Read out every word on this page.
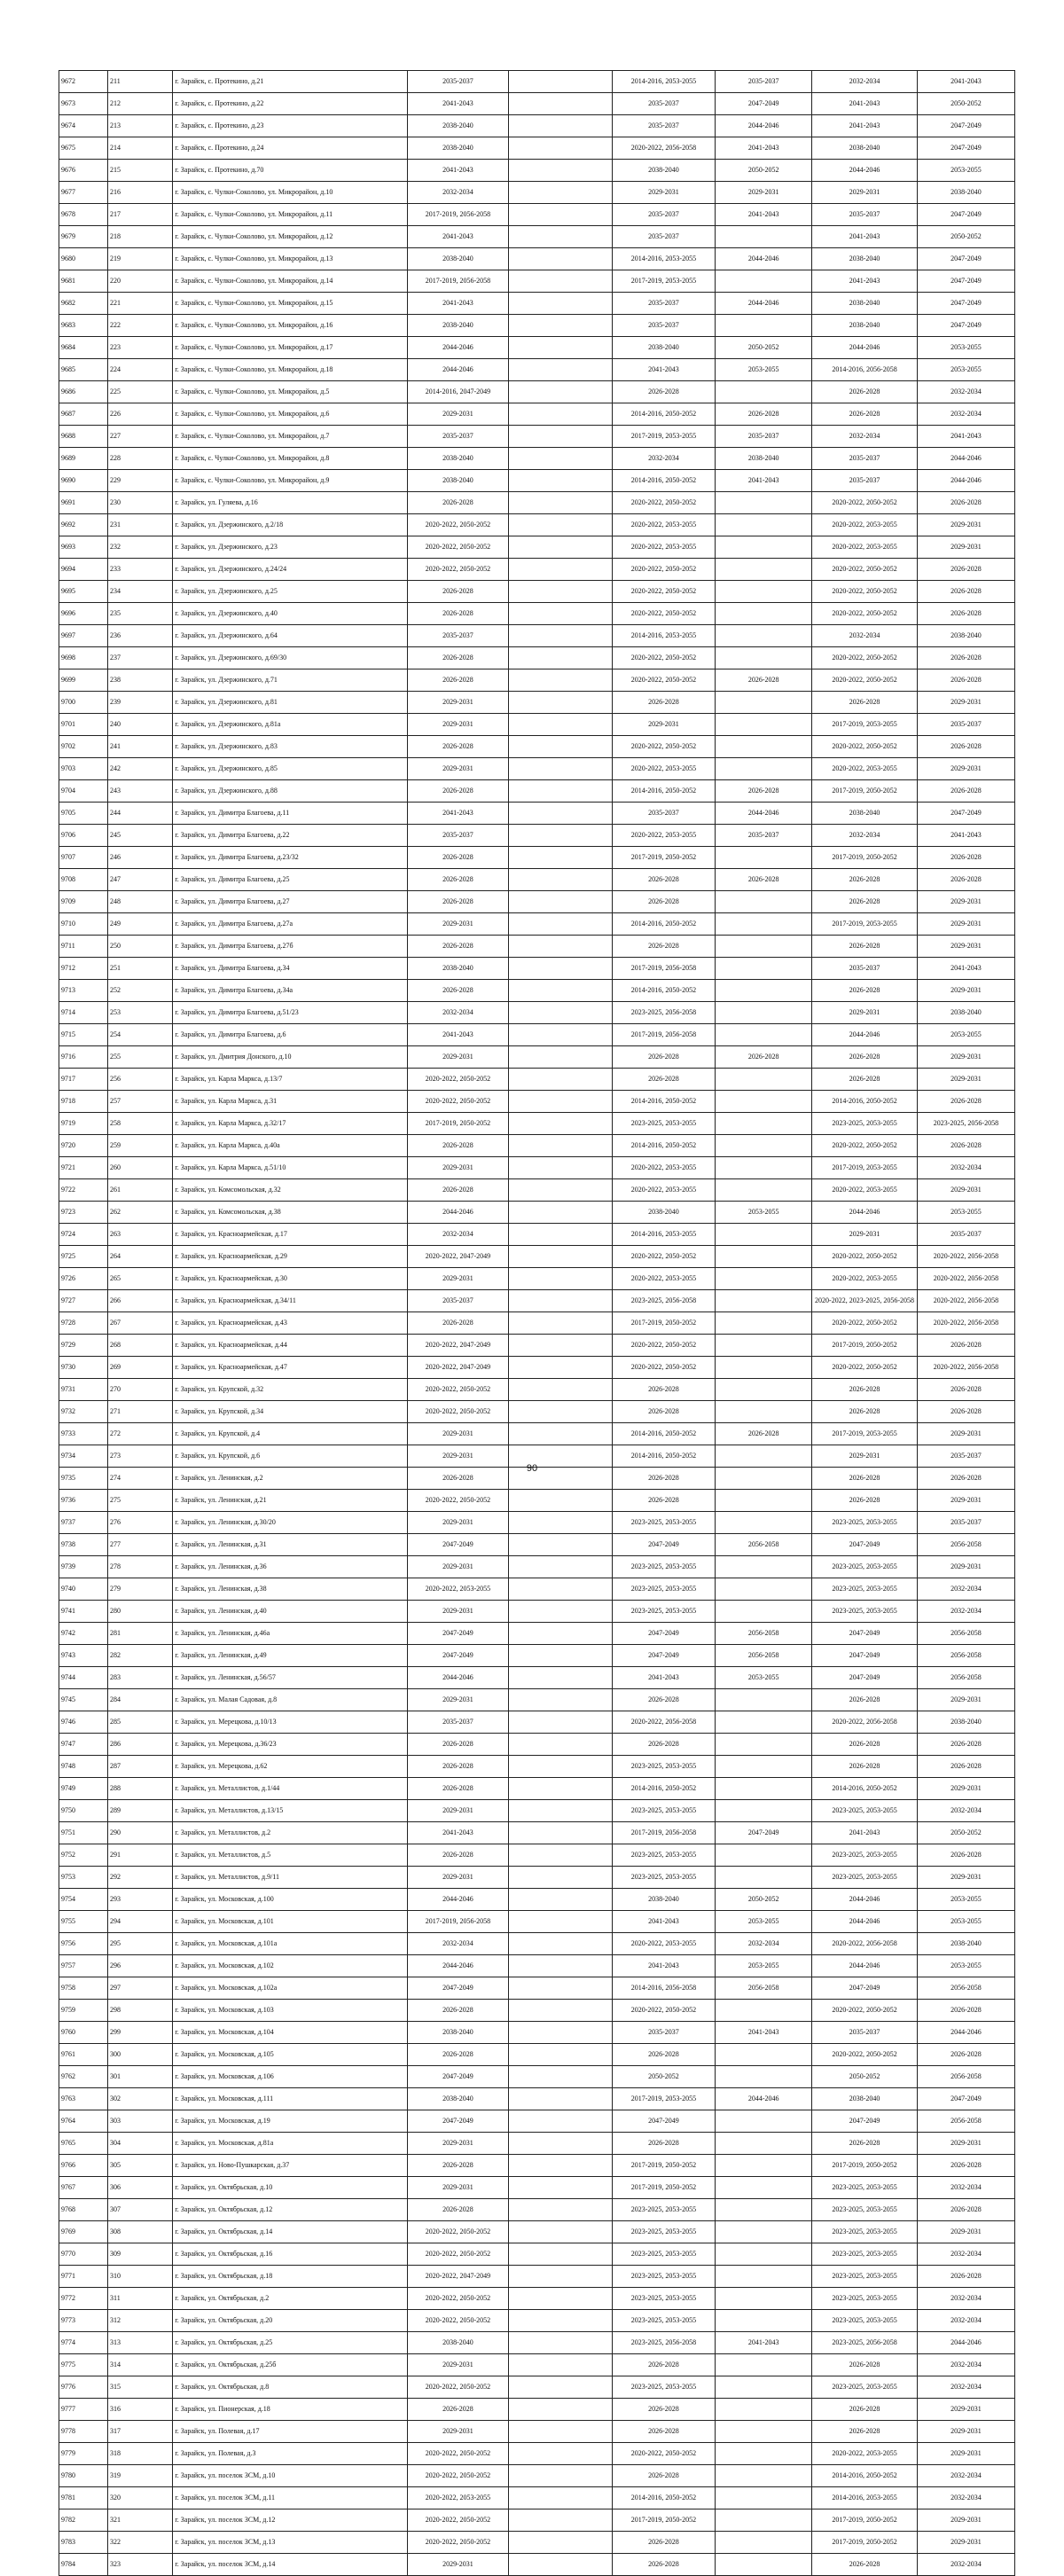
9672	211	г. Зарайск, с. Протекино, д.21	2035-2037		2014-2016, 2053-2055	2035-2037	2032-2034	2041-2043
9673	212	г. Зарайск, с. Протекино, д.22	2041-2043		2035-2037	2047-2049	2041-2043	2050-2052
9674	213	г. Зарайск, с. Протекино, д.23	2038-2040		2035-2037	2044-2046	2041-2043	2047-2049
9675	214	г. Зарайск, с. Протекино, д.24	2038-2040		2020-2022, 2056-2058	2041-2043	2038-2040	2047-2049
9676	215	г. Зарайск, с. Протекино, д.70	2041-2043		2038-2040	2050-2052	2044-2046	2053-2055
9677	216	г. Зарайск, с. Чулки-Соколово, ул. Микрорайон, д.10	2032-2034		2029-2031	2029-2031	2029-2031	2038-2040
9678	217	г. Зарайск, с. Чулки-Соколово, ул. Микрорайон, д.11	2017-2019, 2056-2058		2035-2037	2041-2043	2035-2037	2047-2049
9679	218	г. Зарайск, с. Чулки-Соколово, ул. Микрорайон, д.12	2041-2043		2035-2037		2041-2043	2050-2052
9680	219	г. Зарайск, с. Чулки-Соколово, ул. Микрорайон, д.13	2038-2040		2014-2016, 2053-2055	2044-2046	2038-2040	2047-2049
9681	220	г. Зарайск, с. Чулки-Соколово, ул. Микрорайон, д.14	2017-2019, 2056-2058		2017-2019, 2053-2055		2041-2043	2047-2049
9682	221	г. Зарайск, с. Чулки-Соколово, ул. Микрорайон, д.15	2041-2043		2035-2037	2044-2046	2038-2040	2047-2049
9683	222	г. Зарайск, с. Чулки-Соколово, ул. Микрорайон, д.16	2038-2040		2035-2037		2038-2040	2047-2049
9684	223	г. Зарайск, с. Чулки-Соколово, ул. Микрорайон, д.17	2044-2046		2038-2040	2050-2052	2044-2046	2053-2055
9685	224	г. Зарайск, с. Чулки-Соколово, ул. Микрорайон, д.18	2044-2046		2041-2043	2053-2055	2014-2016, 2056-2058	2053-2055
9686	225	г. Зарайск, с. Чулки-Соколово, ул. Микрорайон, д.5	2014-2016, 2047-2049		2026-2028		2026-2028	2032-2034
9687	226	г. Зарайск, с. Чулки-Соколово, ул. Микрорайон, д.6	2029-2031		2014-2016, 2050-2052	2026-2028	2026-2028	2032-2034
9688	227	г. Зарайск, с. Чулки-Соколово, ул. Микрорайон, д.7	2035-2037		2017-2019, 2053-2055	2035-2037	2032-2034	2041-2043
9689	228	г. Зарайск, с. Чулки-Соколово, ул. Микрорайон, д.8	2038-2040		2032-2034	2038-2040	2035-2037	2044-2046
9690	229	г. Зарайск, с. Чулки-Соколово, ул. Микрорайон, д.9	2038-2040		2014-2016, 2050-2052	2041-2043	2035-2037	2044-2046
9691	230	г. Зарайск, ул. Гуляева, д.16	2026-2028		2020-2022, 2050-2052		2020-2022, 2050-2052	2026-2028
9692	231	г. Зарайск, ул. Дзержинского, д.2/18	2020-2022, 2050-2052		2020-2022, 2053-2055		2020-2022, 2053-2055	2029-2031
9693	232	г. Зарайск, ул. Дзержинского, д.23	2020-2022, 2050-2052		2020-2022, 2053-2055		2020-2022, 2053-2055	2029-2031
9694	233	г. Зарайск, ул. Дзержинского, д.24/24	2020-2022, 2050-2052		2020-2022, 2050-2052		2020-2022, 2050-2052	2026-2028
9695	234	г. Зарайск, ул. Дзержинского, д.25	2026-2028		2020-2022, 2050-2052		2020-2022, 2050-2052	2026-2028
9696	235	г. Зарайск, ул. Дзержинского, д.40	2026-2028		2020-2022, 2050-2052		2020-2022, 2050-2052	2026-2028
9697	236	г. Зарайск, ул. Дзержинского, д.64	2035-2037		2014-2016, 2053-2055		2032-2034	2038-2040
9698	237	г. Зарайск, ул. Дзержинского, д.69/30	2026-2028		2020-2022, 2050-2052		2020-2022, 2050-2052	2026-2028
9699	238	г. Зарайск, ул. Дзержинского, д.71	2026-2028		2020-2022, 2050-2052	2026-2028	2020-2022, 2050-2052	2026-2028
9700	239	г. Зарайск, ул. Дзержинского, д.81	2029-2031		2026-2028		2026-2028	2029-2031
9701	240	г. Зарайск, ул. Дзержинского, д.81а	2029-2031		2029-2031		2017-2019, 2053-2055	2035-2037
9702	241	г. Зарайск, ул. Дзержинского, д.83	2026-2028		2020-2022, 2050-2052		2020-2022, 2050-2052	2026-2028
9703	242	г. Зарайск, ул. Дзержинского, д.85	2029-2031		2020-2022, 2053-2055		2020-2022, 2053-2055	2029-2031
9704	243	г. Зарайск, ул. Дзержинского, д.88	2026-2028		2014-2016, 2050-2052	2026-2028	2017-2019, 2050-2052	2026-2028
9705	244	г. Зарайск, ул. Димитра Благоева, д.11	2041-2043		2035-2037	2044-2046	2038-2040	2047-2049
9706	245	г. Зарайск, ул. Димитра Благоева, д.22	2035-2037		2020-2022, 2053-2055	2035-2037	2032-2034	2041-2043
9707	246	г. Зарайск, ул. Димитра Благоева, д.23/32	2026-2028		2017-2019, 2050-2052		2017-2019, 2050-2052	2026-2028
9708	247	г. Зарайск, ул. Димитра Благоева, д.25	2026-2028		2026-2028	2026-2028	2026-2028	2026-2028
9709	248	г. Зарайск, ул. Димитра Благоева, д.27	2026-2028		2026-2028		2026-2028	2029-2031
9710	249	г. Зарайск, ул. Димитра Благоева, д.27а	2029-2031		2014-2016, 2050-2052		2017-2019, 2053-2055	2029-2031
9711	250	г. Зарайск, ул. Димитра Благоева, д.27б	2026-2028		2026-2028		2026-2028	2029-2031
9712	251	г. Зарайск, ул. Димитра Благоева, д.34	2038-2040		2017-2019, 2056-2058		2035-2037	2041-2043
9713	252	г. Зарайск, ул. Димитра Благоева, д.34а	2026-2028		2014-2016, 2050-2052		2026-2028	2029-2031
9714	253	г. Зарайск, ул. Димитра Благоева, д.51/23	2032-2034		2023-2025, 2056-2058		2029-2031	2038-2040
9715	254	г. Зарайск, ул. Димитра Благоева, д.6	2041-2043		2017-2019, 2056-2058		2044-2046	2053-2055
9716	255	г. Зарайск, ул. Дмитрия Донского, д.10	2029-2031		2026-2028	2026-2028	2026-2028	2029-2031
9717	256	г. Зарайск, ул. Карла Маркса, д.13/7	2020-2022, 2050-2052		2026-2028		2026-2028	2029-2031
9718	257	г. Зарайск, ул. Карла Маркса, д.31	2020-2022, 2050-2052		2014-2016, 2050-2052		2014-2016, 2050-2052	2026-2028
9719	258	г. Зарайск, ул. Карла Маркса, д.32/17	2017-2019, 2050-2052		2023-2025, 2053-2055		2023-2025, 2053-2055	2023-2025, 2056-2058
9720	259	г. Зарайск, ул. Карла Маркса, д.40а	2026-2028		2014-2016, 2050-2052		2020-2022, 2050-2052	2026-2028
9721	260	г. Зарайск, ул. Карла Маркса, д.51/10	2029-2031		2020-2022, 2053-2055		2017-2019, 2053-2055	2032-2034
9722	261	г. Зарайск, ул. Комсомольская, д.32	2026-2028		2020-2022, 2053-2055		2020-2022, 2053-2055	2029-2031
9723	262	г. Зарайск, ул. Комсомольская, д.38	2044-2046		2038-2040	2053-2055	2044-2046	2053-2055
9724	263	г. Зарайск, ул. Красноармейская, д.17	2032-2034		2014-2016, 2053-2055		2029-2031	2035-2037
9725	264	г. Зарайск, ул. Красноармейская, д.29	2020-2022, 2047-2049		2020-2022, 2050-2052		2020-2022, 2050-2052	2020-2022, 2056-2058
9726	265	г. Зарайск, ул. Красноармейская, д.30	2029-2031		2020-2022, 2053-2055		2020-2022, 2053-2055	2020-2022, 2056-2058
9727	266	г. Зарайск, ул. Красноармейская, д.34/11	2035-2037		2023-2025, 2056-2058		2020-2022, 2023-2025, 2056-2058	2020-2022, 2056-2058
9728	267	г. Зарайск, ул. Красноармейская, д.43	2026-2028		2017-2019, 2050-2052		2020-2022, 2050-2052	2020-2022, 2056-2058
9729	268	г. Зарайск, ул. Красноармейская, д.44	2020-2022, 2047-2049		2020-2022, 2050-2052		2017-2019, 2050-2052	2026-2028
9730	269	г. Зарайск, ул. Красноармейская, д.47	2020-2022, 2047-2049		2020-2022, 2050-2052		2020-2022, 2050-2052	2020-2022, 2056-2058
9731	270	г. Зарайск, ул. Крупской, д.32	2020-2022, 2050-2052		2026-2028		2026-2028	2026-2028
9732	271	г. Зарайск, ул. Крупской, д.34	2020-2022, 2050-2052		2026-2028		2026-2028	2026-2028
9733	272	г. Зарайск, ул. Крупской, д.4	2029-2031		2014-2016, 2050-2052	2026-2028	2017-2019, 2053-2055	2029-2031
9734	273	г. Зарайск, ул. Крупской, д.6	2029-2031		2014-2016, 2050-2052		2029-2031	2035-2037
9735	274	г. Зарайск, ул. Ленинская, д.2	2026-2028		2026-2028		2026-2028	2026-2028
9736	275	г. Зарайск, ул. Ленинская, д.21	2020-2022, 2050-2052		2026-2028		2026-2028	2029-2031
9737	276	г. Зарайск, ул. Ленинская, д.30/20	2029-2031		2023-2025, 2053-2055		2023-2025, 2053-2055	2035-2037
9738	277	г. Зарайск, ул. Ленинская, д.31	2047-2049		2047-2049	2056-2058	2047-2049	2056-2058
9739	278	г. Зарайск, ул. Ленинская, д.36	2029-2031		2023-2025, 2053-2055		2023-2025, 2053-2055	2029-2031
9740	279	г. Зарайск, ул. Ленинская, д.38	2020-2022, 2053-2055		2023-2025, 2053-2055		2023-2025, 2053-2055	2032-2034
9741	280	г. Зарайск, ул. Ленинская, д.40	2029-2031		2023-2025, 2053-2055		2023-2025, 2053-2055	2032-2034
9742	281	г. Зарайск, ул. Ленинская, д.46а	2047-2049		2047-2049	2056-2058	2047-2049	2056-2058
9743	282	г. Зарайск, ул. Ленинская, д.49	2047-2049		2047-2049	2056-2058	2047-2049	2056-2058
9744	283	г. Зарайск, ул. Ленинская, д.56/57	2044-2046		2041-2043	2053-2055	2047-2049	2056-2058
9745	284	г. Зарайск, ул. Малая Садовая, д.8	2029-2031		2026-2028		2026-2028	2029-2031
9746	285	г. Зарайск, ул. Мерецкова, д.10/13	2035-2037		2020-2022, 2056-2058		2020-2022, 2056-2058	2038-2040
9747	286	г. Зарайск, ул. Мерецкова, д.36/23	2026-2028		2026-2028		2026-2028	2026-2028
9748	287	г. Зарайск, ул. Мерецкова, д.62	2026-2028		2023-2025, 2053-2055		2026-2028	2026-2028
9749	288	г. Зарайск, ул. Металлистов, д.1/44	2026-2028		2014-2016, 2050-2052		2014-2016, 2050-2052	2029-2031
9750	289	г. Зарайск, ул. Металлистов, д.13/15	2029-2031		2023-2025, 2053-2055		2023-2025, 2053-2055	2032-2034
9751	290	г. Зарайск, ул. Металлистов, д.2	2041-2043		2017-2019, 2056-2058	2047-2049	2041-2043	2050-2052
9752	291	г. Зарайск, ул. Металлистов, д.5	2026-2028		2023-2025, 2053-2055		2023-2025, 2053-2055	2026-2028
9753	292	г. Зарайск, ул. Металлистов, д.9/11	2029-2031		2023-2025, 2053-2055		2023-2025, 2053-2055	2029-2031
9754	293	г. Зарайск, ул. Московская, д.100	2044-2046		2038-2040	2050-2052	2044-2046	2053-2055
9755	294	г. Зарайск, ул. Московская, д.101	2017-2019, 2056-2058		2041-2043	2053-2055	2044-2046	2053-2055
9756	295	г. Зарайск, ул. Московская, д.101а	2032-2034		2020-2022, 2053-2055	2032-2034	2020-2022, 2056-2058	2038-2040
9757	296	г. Зарайск, ул. Московская, д.102	2044-2046		2041-2043	2053-2055	2044-2046	2053-2055
9758	297	г. Зарайск, ул. Московская, д.102а	2047-2049		2014-2016, 2056-2058	2056-2058	2047-2049	2056-2058
9759	298	г. Зарайск, ул. Московская, д.103	2026-2028		2020-2022, 2050-2052		2020-2022, 2050-2052	2026-2028
9760	299	г. Зарайск, ул. Московская, д.104	2038-2040		2035-2037	2041-2043	2035-2037	2044-2046
9761	300	г. Зарайск, ул. Московская, д.105	2026-2028		2026-2028		2020-2022, 2050-2052	2026-2028
9762	301	г. Зарайск, ул. Московская, д.106	2047-2049		2050-2052		2050-2052	2056-2058
9763	302	г. Зарайск, ул. Московская, д.111	2038-2040		2017-2019, 2053-2055	2044-2046	2038-2040	2047-2049
9764	303	г. Зарайск, ул. Московская, д.19	2047-2049		2047-2049		2047-2049	2056-2058
9765	304	г. Зарайск, ул. Московская, д.81а	2029-2031		2026-2028		2026-2028	2029-2031
9766	305	г. Зарайск, ул. Ново-Пушкарская, д.37	2026-2028		2017-2019, 2050-2052		2017-2019, 2050-2052	2026-2028
9767	306	г. Зарайск, ул. Октябрьская, д.10	2029-2031		2017-2019, 2050-2052		2023-2025, 2053-2055	2032-2034
9768	307	г. Зарайск, ул. Октябрьская, д.12	2026-2028		2023-2025, 2053-2055		2023-2025, 2053-2055	2026-2028
9769	308	г. Зарайск, ул. Октябрьская, д.14	2020-2022, 2050-2052		2023-2025, 2053-2055		2023-2025, 2053-2055	2029-2031
9770	309	г. Зарайск, ул. Октябрьская, д.16	2020-2022, 2050-2052		2023-2025, 2053-2055		2023-2025, 2053-2055	2032-2034
9771	310	г. Зарайск, ул. Октябрьская, д.18	2020-2022, 2047-2049		2023-2025, 2053-2055		2023-2025, 2053-2055	2026-2028
9772	311	г. Зарайск, ул. Октябрьская, д.2	2020-2022, 2050-2052		2023-2025, 2053-2055		2023-2025, 2053-2055	2032-2034
9773	312	г. Зарайск, ул. Октябрьская, д.20	2020-2022, 2050-2052		2023-2025, 2053-2055		2023-2025, 2053-2055	2032-2034
9774	313	г. Зарайск, ул. Октябрьская, д.25	2038-2040		2023-2025, 2056-2058	2041-2043	2023-2025, 2056-2058	2044-2046
9775	314	г. Зарайск, ул. Октябрьская, д.25б	2029-2031		2026-2028		2026-2028	2032-2034
9776	315	г. Зарайск, ул. Октябрьская, д.8	2020-2022, 2050-2052		2023-2025, 2053-2055		2023-2025, 2053-2055	2032-2034
9777	316	г. Зарайск, ул. Пионерская, д.18	2026-2028		2026-2028		2026-2028	2029-2031
9778	317	г. Зарайск, ул. Полевая, д.17	2029-2031		2026-2028		2026-2028	2029-2031
9779	318	г. Зарайск, ул. Полевая, д.3	2020-2022, 2050-2052		2020-2022, 2050-2052		2020-2022, 2053-2055	2029-2031
9780	319	г. Зарайск, ул. поселок ЗСМ, д.10	2020-2022, 2050-2052		2026-2028		2014-2016, 2050-2052	2032-2034
9781	320	г. Зарайск, ул. поселок ЗСМ, д.11	2020-2022, 2053-2055		2014-2016, 2050-2052		2014-2016, 2053-2055	2032-2034
9782	321	г. Зарайск, ул. поселок ЗСМ, д.12	2020-2022, 2050-2052		2017-2019, 2050-2052		2017-2019, 2050-2052	2029-2031
9783	322	г. Зарайск, ул. поселок ЗСМ, д.13	2020-2022, 2050-2052		2026-2028		2017-2019, 2050-2052	2029-2031
9784	323	г. Зарайск, ул. поселок ЗСМ, д.14	2029-2031		2026-2028		2026-2028	2032-2034
90
